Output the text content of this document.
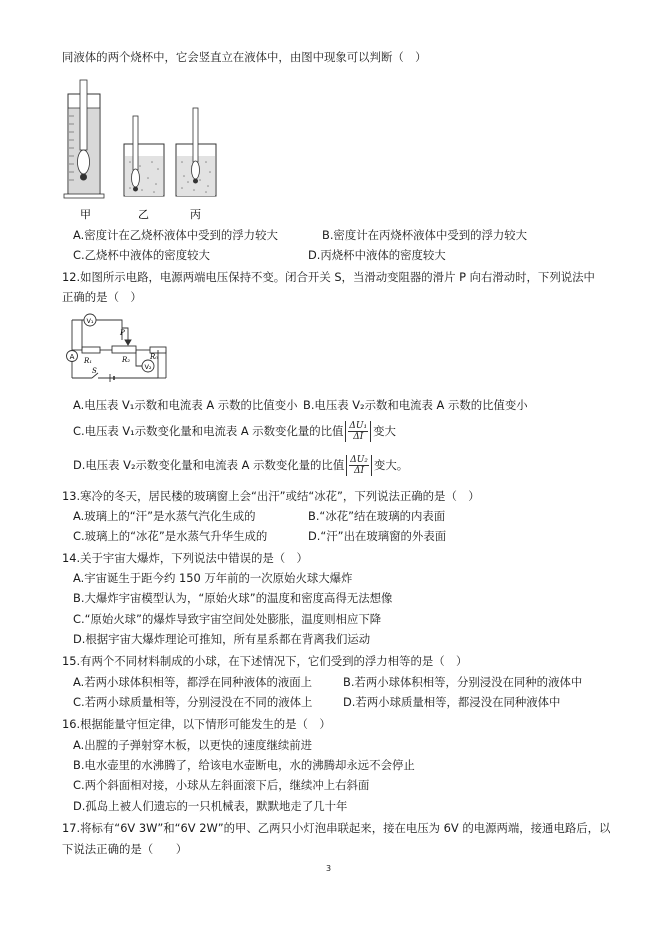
同液体的两个烧杯中，它会竖直立在液体中，由图中现象可以判断（　）
甲	乙	丙
A.密度计在乙烧杯液体中受到的浮力较大	B.密度计在丙烧杯液体中受到的浮力较大
C.乙烧杯中液体的密度较大	D.丙烧杯中液体的密度较大
12.如图所示电路，电源两端电压保持不变。闭合开关 S，当滑动变阻器的滑片 P 向右滑动时，下列说法中
正确的是（　）
V₁
P
A R₁
V₂
R₂	R₀
S
A.电压表 V₁示数和电流表 A 示数的比值变小 B.电压表 V₂示数和电流表 A 示数的比值变小
C.电压表 V₁示数变化量和电流表 A 示数变化量的比值 $\frac{\text{ΔU₁}}{\Delta I}$ 变大
D.电压表 V₂示数变化量和电流表 A 示数变化量的比值 $\frac{\text{ΔU₂}}{\Delta I}$ 变大。
13.寒冷的冬天，居民楼的玻璃窗上会“出汗”或结“冰花”，下列说法正确的是（　）
A.玻璃上的“汗”是水蒸气汽化生成的	B.“冰花”结在玻璃的内表面
C.玻璃上的“冰花”是水蒸气升华生成的	D.“汗”出在玻璃窗的外表面
14.关于宇宙大爆炸，下列说法中错误的是（　）
A.宇宙诞生于距今约 150 万年前的一次原始火球大爆炸
B.大爆炸宇宙模型认为，“原始火球”的温度和密度高得无法想像
C.“原始火球”的爆炸导致宇宙空间处处膨胀，温度则相应下降
D.根据宇宙大爆炸理论可推知，所有星系都在背离我们运动
15.有两个不同材料制成的小球，在下述情况下，它们受到的浮力相等的是（　）
A.若两小球体积相等，都浮在同种液体的液面上	B.若两小球体积相等，分别浸没在同种的液体中
C.若两小球质量相等，分别浸没在不同的液体上	D.若两小球质量相等，都浸没在同种液体中
16.根据能量守恒定律，以下情形可能发生的是（　）
A.出膛的子弹射穿木板，以更快的速度继续前进
B.电水壶里的水沸腾了，给该电水壶断电，水的沸腾却永远不会停止
C.两个斜面相对接，小球从左斜面滚下后，继续冲上右斜面
D.孤岛上被人们遗忘的一只机械表，默默地走了几十年
17.将标有“6V 3W”和“6V 2W”的甲、乙两只小灯泡串联起来，接在电压为 6V 的电源两端，接通电路后，以
下说法正确的是（　　）
3
